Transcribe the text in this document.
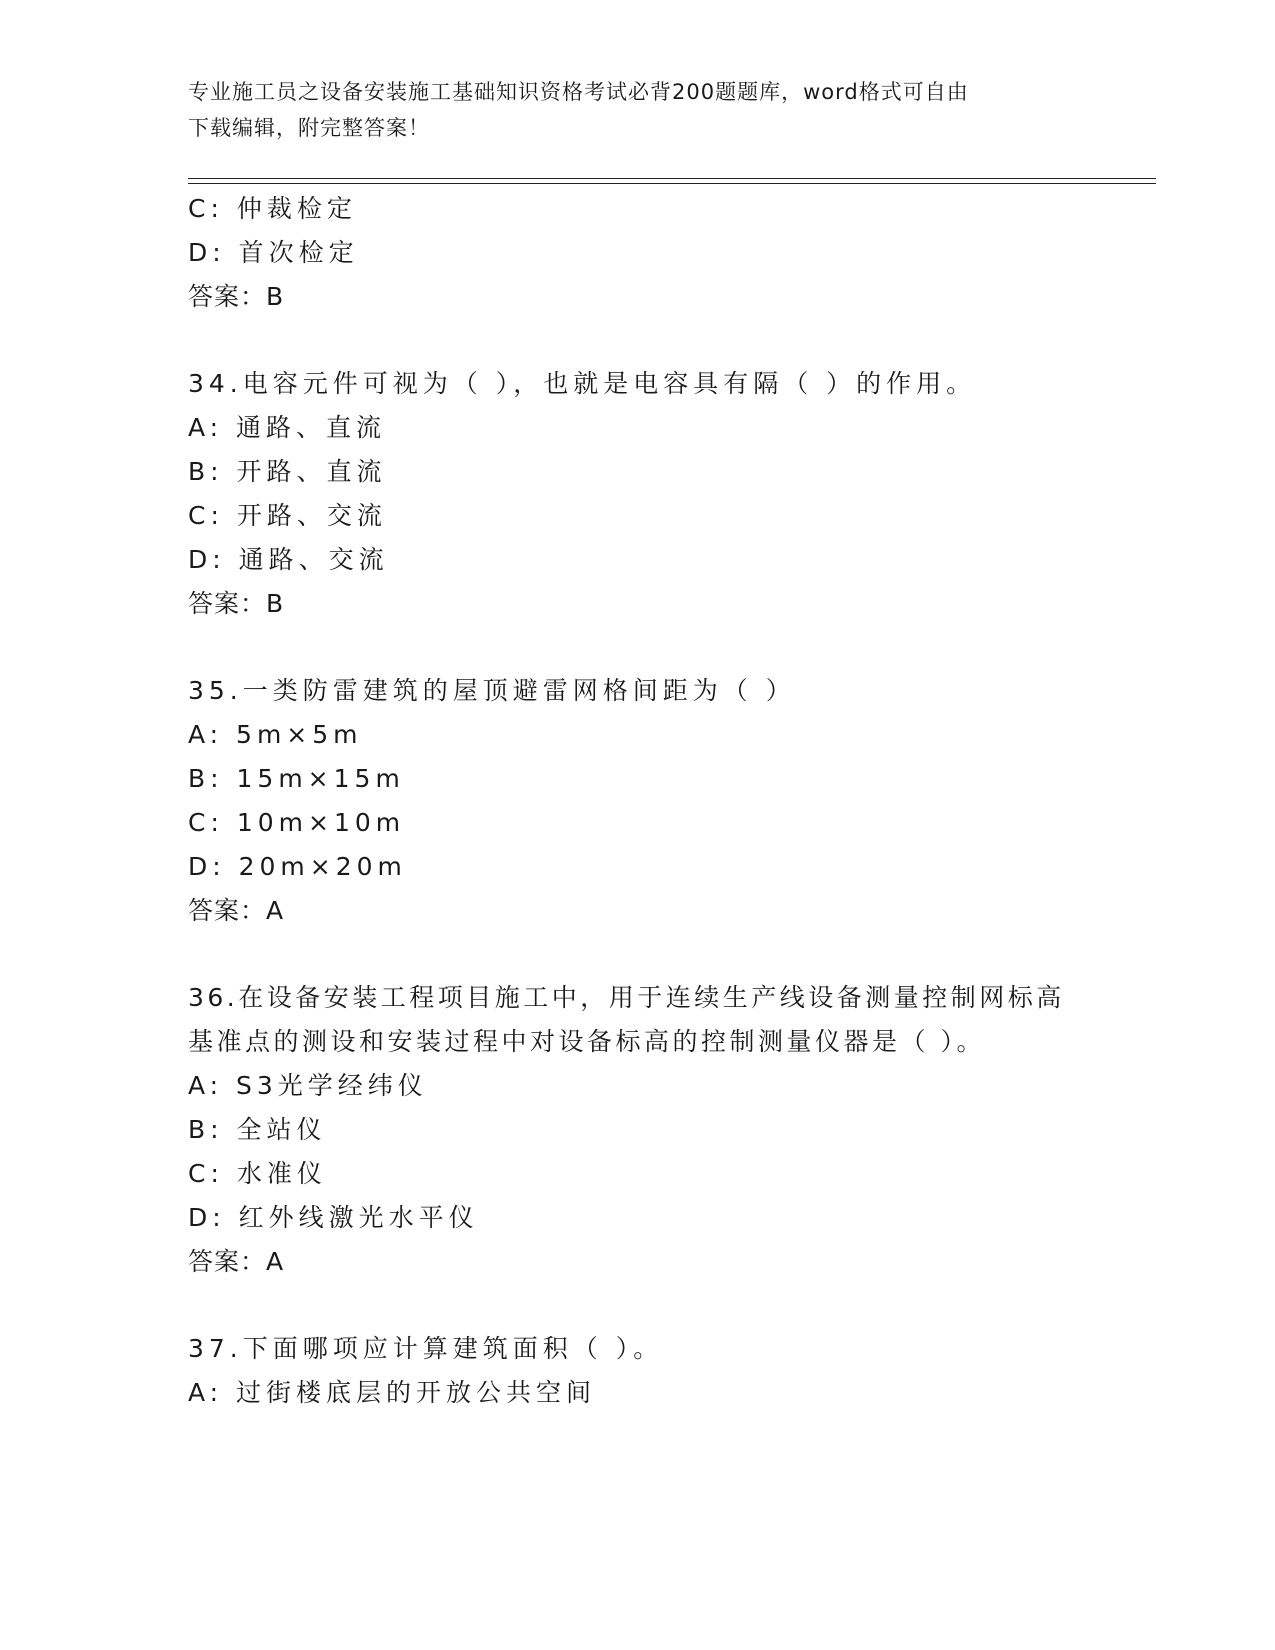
专业施工员之设备安装施工基础知识资格考试必背200题题库，word格式可自由
下载编辑，附完整答案！
C: 仲裁检定
D: 首次检定
答案：B
34.电容元件可视为（ ），也就是电容具有隔（ ）的作用。
A: 通路、直流
B: 开路、直流
C: 开路、交流
D: 通路、交流
答案：B
35.一类防雷建筑的屋顶避雷网格间距为（ ）
A: 5m×5m
B: 15m×15m
C: 10m×10m
D: 20m×20m
答案：A
36.在设备安装工程项目施工中，用于连续生产线设备测量控制网标高
基准点的测设和安装过程中对设备标高的控制测量仪器是（ ）。
A: S3光学经纬仪
B: 全站仪
C: 水准仪
D: 红外线激光水平仪
答案：A
37.下面哪项应计算建筑面积（ ）。
A: 过街楼底层的开放公共空间
